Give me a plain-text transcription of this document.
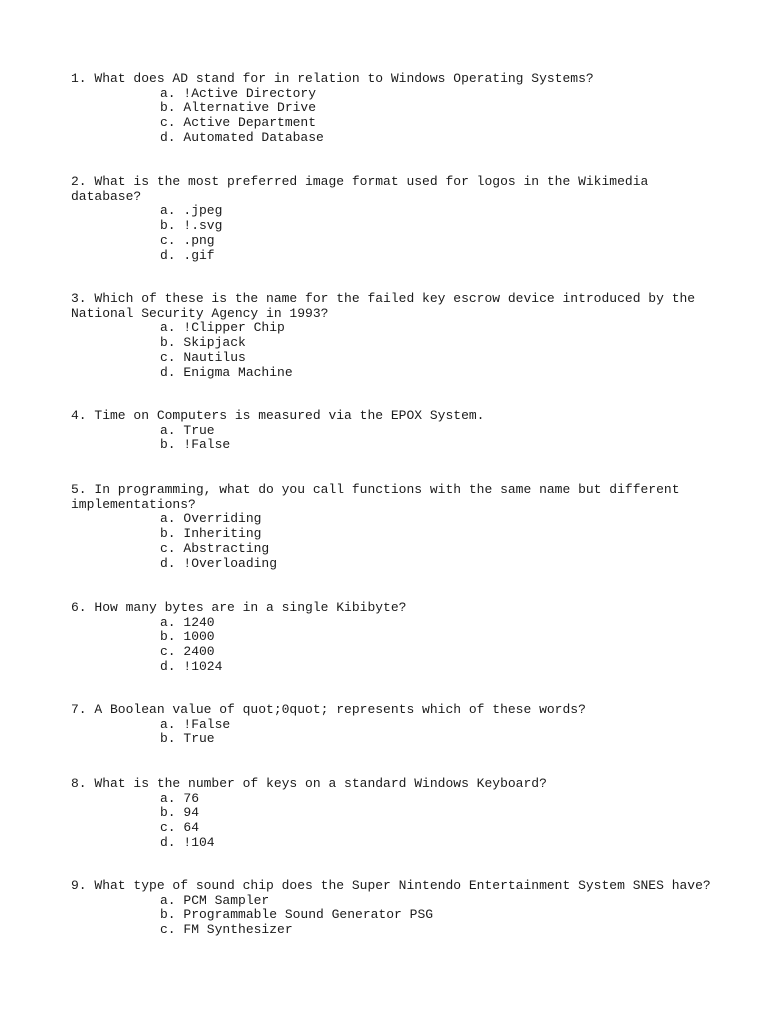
1. What does AD stand for in relation to Windows Operating Systems?

a. !Active Directory
b. Alternative Drive
c. Active Department
d. Automated Database

2. What is the most preferred image format used for logos in the Wikimedia
database?

a. .jpeg
b. !.svg
c. .png
d. .gif

3. Which of these is the name for the failed key escrow device introduced by the
National Security Agency in 1993?

a. !Clipper Chip
b. Skipjack
c. Nautilus
d. Enigma Machine

4. Time on Computers is measured via the EPOX System.

a. True
b. !False

5. In programming, what do you call functions with the same name but different
implementations?

a. Overriding
b. Inheriting
c. Abstracting
d. !Overloading

6. How many bytes are in a single Kibibyte?

a. 1240
b. 1000
c. 2400
d. !1024

7. A Boolean value of quot;0quot; represents which of these words?

a. !False
b. True

8. What is the number of keys on a standard Windows Keyboard?

a. 76
b. 94
c. 64
d. !104

9. What type of sound chip does the Super Nintendo Entertainment System SNES have?

a. PCM Sampler
b. Programmable Sound Generator PSG
c. FM Synthesizer
